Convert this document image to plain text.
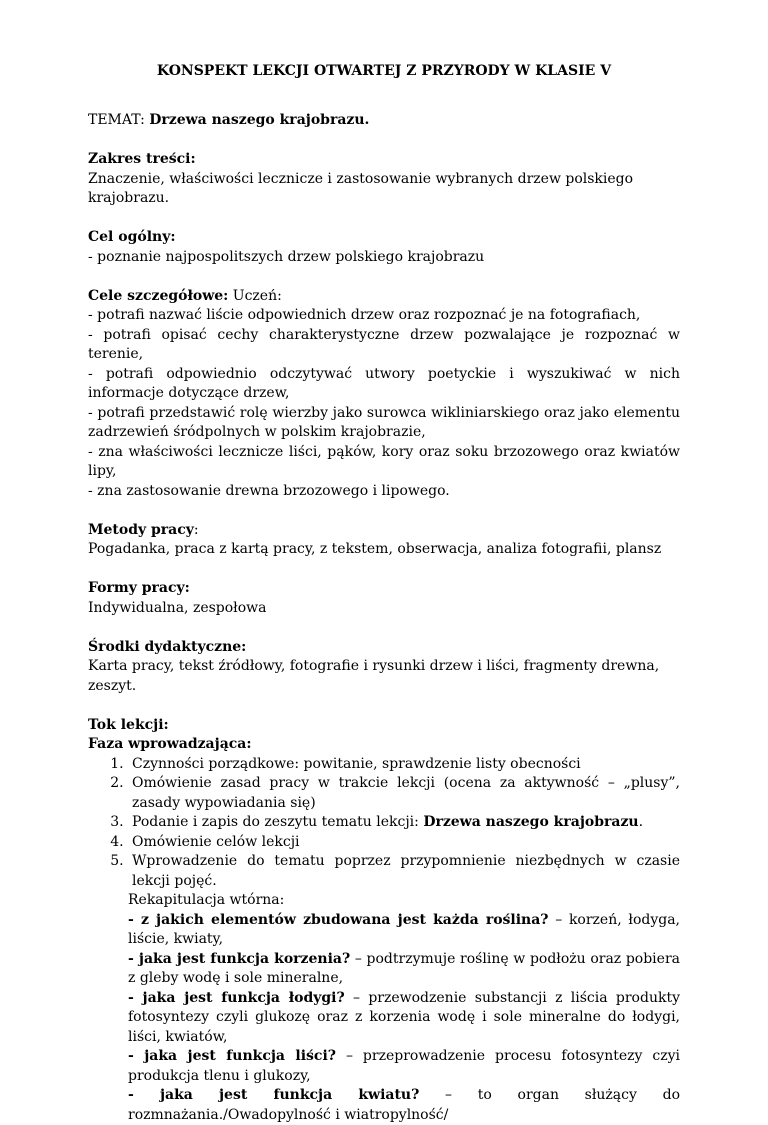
KONSPEKT LEKCJI OTWARTEJ Z PRZYRODY W KLASIE V

TEMAT: Drzewa naszego krajobrazu.

Zakres treści:

Znaczenie, właściwości lecznicze i zastosowanie wybranych drzew polskiego krajobrazu.

Cel ogólny:

- poznanie najpospolitszych drzew polskiego krajobrazu

Cele szczegółowe: Uczeń:

- potrafi nazwać liście odpowiednich drzew oraz rozpoznać je na fotografiach,

- potrafi opisać cechy charakterystyczne drzew pozwalające je rozpoznać w terenie,

- potrafi odpowiednio odczytywać utwory poetyckie i wyszukiwać w nich informacje dotyczące drzew,

- potrafi przedstawić rolę wierzby jako surowca wikliniarskiego oraz jako elementu zadrzewień śródpolnych w polskim krajobrazie,

- zna właściwości lecznicze liści, pąków, kory oraz soku brzozowego oraz kwiatów lipy,

- zna zastosowanie drewna brzozowego i lipowego.

Metody pracy:

Pogadanka, praca z kartą pracy, z tekstem, obserwacja, analiza fotografii, plansz

Formy pracy:

Indywidualna, zespołowa

Środki dydaktyczne:

Karta pracy, tekst źródłowy, fotografie i rysunki drzew i liści, fragmenty drewna, zeszyt.

Tok lekcji:

Faza wprowadzająca:

1. Czynności porządkowe: powitanie, sprawdzenie listy obecności
2. Omówienie zasad pracy w trakcie lekcji (ocena za aktywność – „plusy”, zasady wypowiadania się)
3. Podanie i zapis do zeszytu tematu lekcji: Drzewa naszego krajobrazu.
4. Omówienie celów lekcji
5. Wprowadzenie do tematu poprzez przypomnienie niezbędnych w czasie lekcji pojęć.
Rekapitulacja wtórna:

- z jakich elementów zbudowana jest każda roślina? – korzeń, łodyga, liście, kwiaty,

- jaka jest funkcja korzenia? – podtrzymuje roślinę w podłożu oraz pobiera z gleby wodę i sole mineralne,

- jaka jest funkcja łodygi? – przewodzenie substancji z liścia produkty fotosyntezy czyli glukozę oraz z korzenia wodę i sole mineralne do łodygi, liści, kwiatów,

- jaka jest funkcja liści? – przeprowadzenie procesu fotosyntezy czyi produkcja tlenu i glukozy,

- jaka jest funkcja kwiatu? – to organ służący do rozmnażania./Owadopylność i wiatropylność/
